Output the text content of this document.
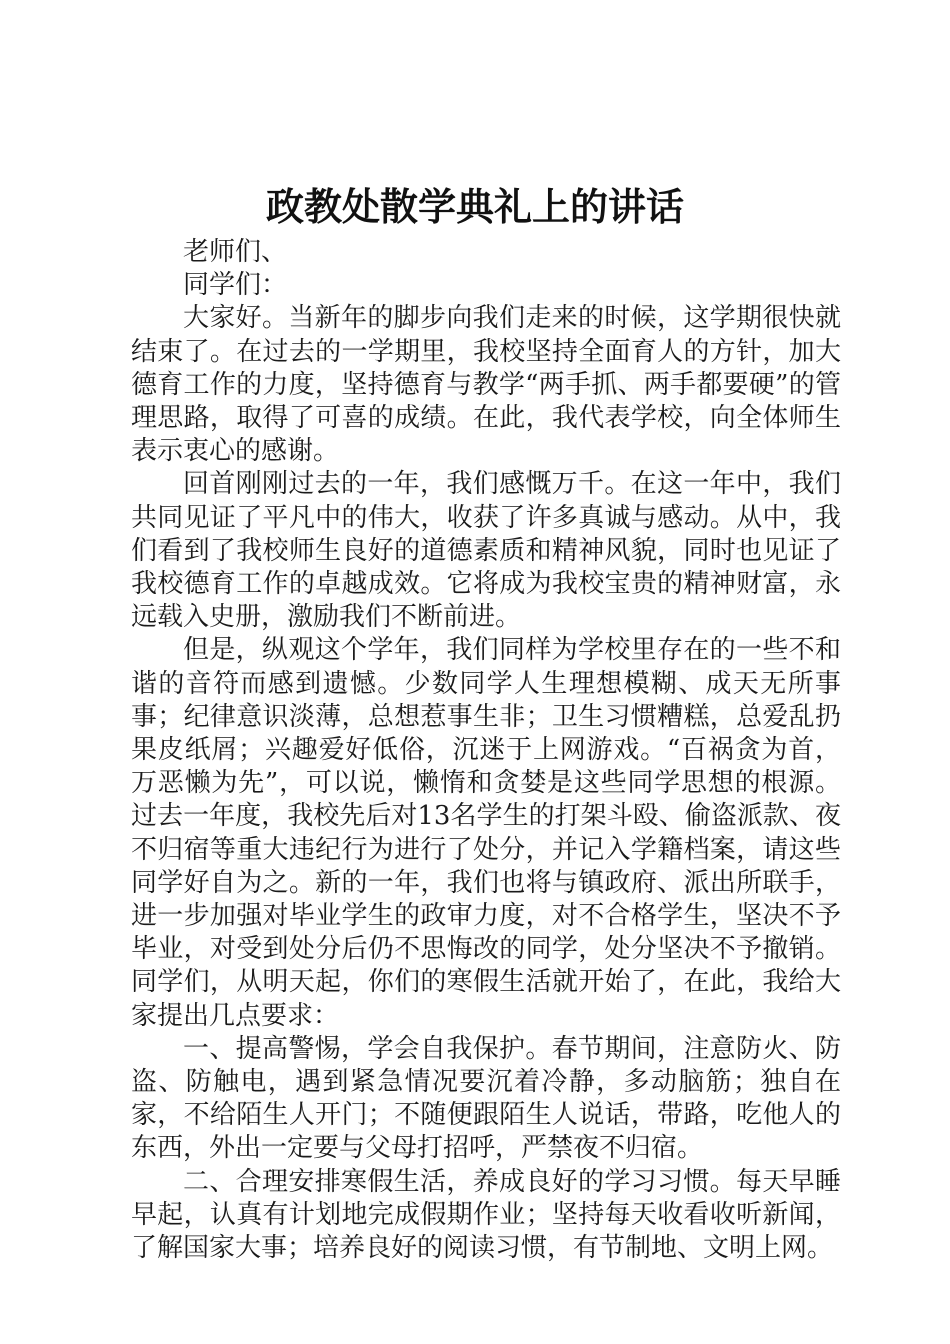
政教处散学典礼上的讲话

老师们、

同学们：

大家好。当新年的脚步向我们走来的时候，这学期很快就结束了。在过去的一学期里，我校坚持全面育人的方针，加大德育工作的力度，坚持德育与教学“两手抓、两手都要硬”的管理思路，取得了可喜的成绩。在此，我代表学校，向全体师生表示衷心的感谢。

回首刚刚过去的一年，我们感慨万千。在这一年中，我们共同见证了平凡中的伟大，收获了许多真诚与感动。从中，我们看到了我校师生良好的道德素质和精神风貌，同时也见证了我校德育工作的卓越成效。它将成为我校宝贵的精神财富，永远载入史册，激励我们不断前进。

但是，纵观这个学年，我们同样为学校里存在的一些不和谐的音符而感到遗憾。少数同学人生理想模糊、成天无所事事；纪律意识淡薄，总想惹事生非；卫生习惯糟糕，总爱乱扔果皮纸屑；兴趣爱好低俗，沉迷于上网游戏。“百祸贪为首，万恶懒为先”，可以说，懒惰和贪婪是这些同学思想的根源。过去一年度，我校先后对13名学生的打架斗殴、偷盗派款、夜不归宿等重大违纪行为进行了处分，并记入学籍档案，请这些同学好自为之。新的一年，我们也将与镇政府、派出所联手，进一步加强对毕业学生的政审力度，对不合格学生，坚决不予毕业，对受到处分后仍不思悔改的同学，处分坚决不予撤销。同学们，从明天起，你们的寒假生活就开始了，在此，我给大家提出几点要求：

一、提高警惕，学会自我保护。春节期间，注意防火、防盗、防触电，遇到紧急情况要沉着冷静，多动脑筋；独自在家，不给陌生人开门；不随便跟陌生人说话，带路，吃他人的东西，外出一定要与父母打招呼，严禁夜不归宿。

二、合理安排寒假生活，养成良好的学习习惯。每天早睡早起，认真有计划地完成假期作业；坚持每天收看收听新闻，了解国家大事；培养良好的阅读习惯，有节制地、文明上网。
